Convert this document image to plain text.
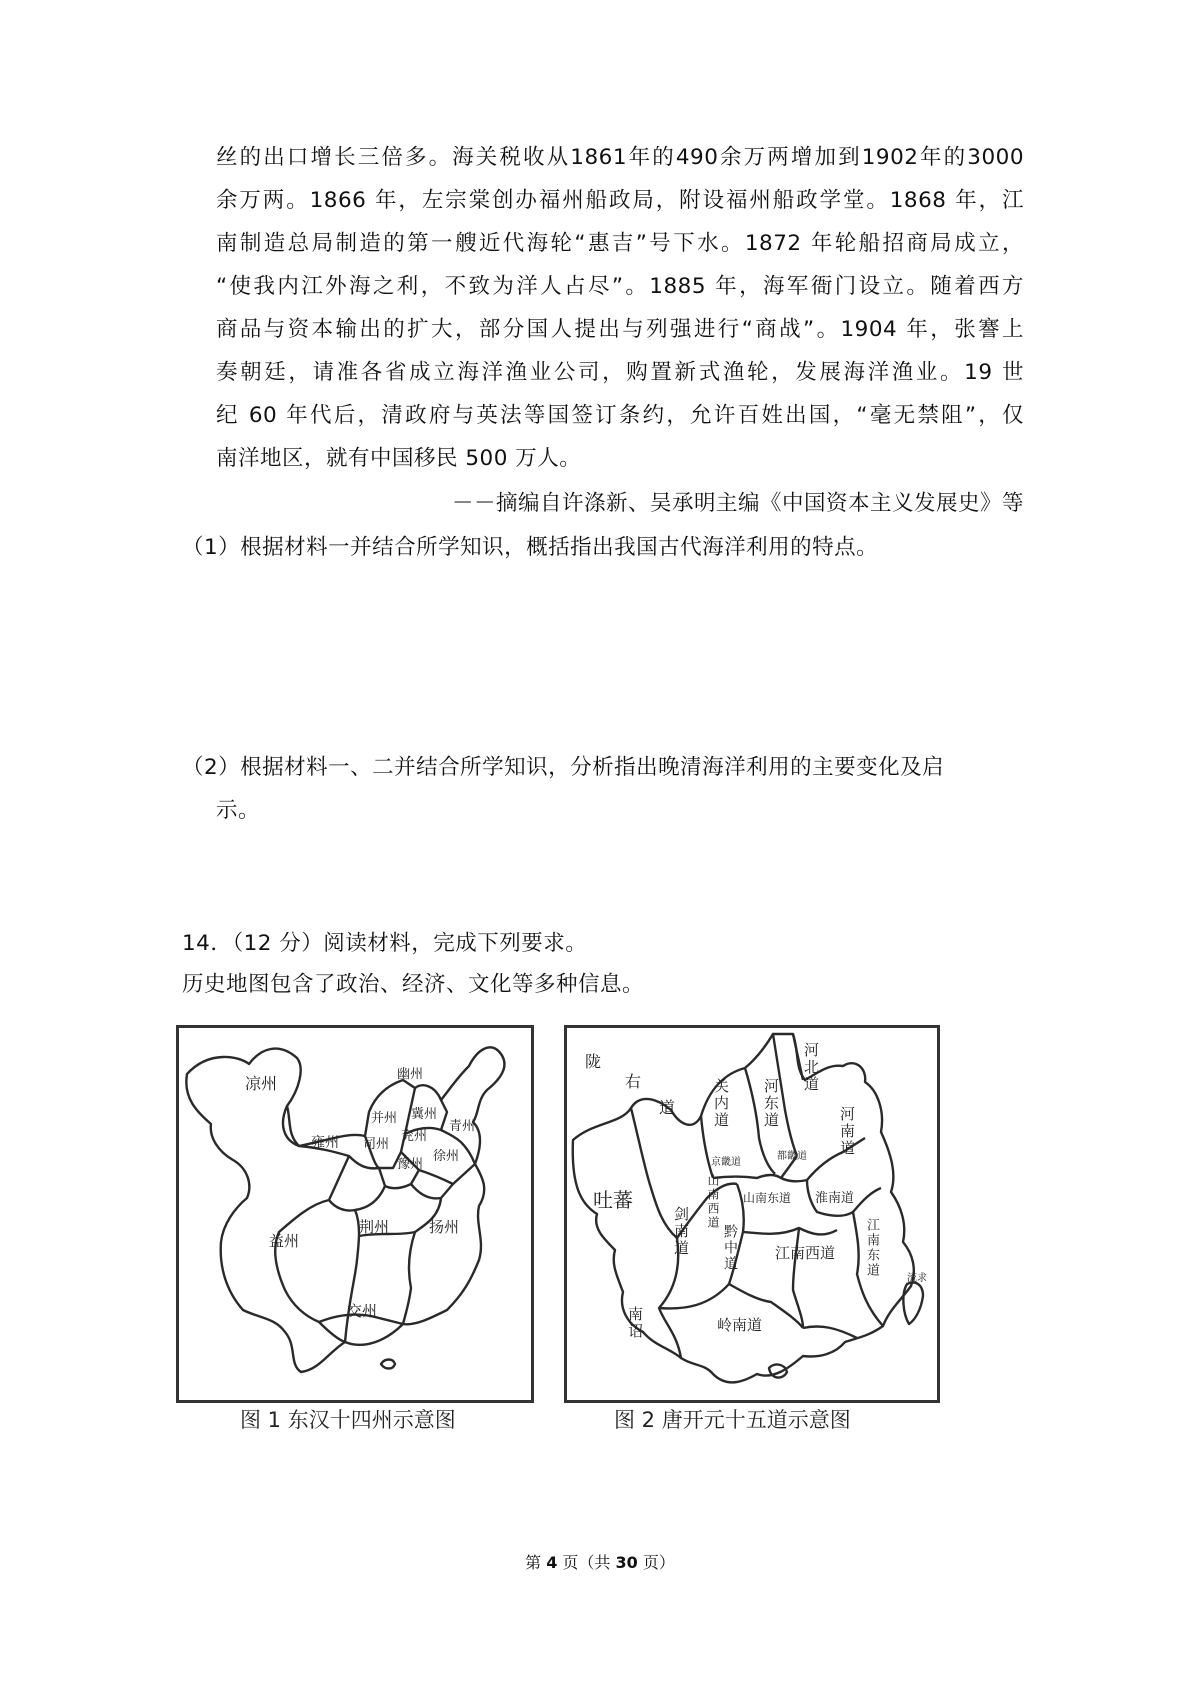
丝的出口增长三倍多。海关税收从1861年的490余万两增加到1902年的3000
余万两。1866 年，左宗棠创办福州船政局，附设福州船政学堂。1868 年，江
南制造总局制造的第一艘近代海轮“惠吉”号下水。1872 年轮船招商局成立，
“使我内江外海之利，不致为洋人占尽”。1885 年，海军衙门设立。随着西方
商品与资本输出的扩大，部分国人提出与列强进行“商战”。1904 年，张謇上
奏朝廷，请准各省成立海洋渔业公司，购置新式渔轮，发展海洋渔业。19 世
纪 60 年代后，清政府与英法等国签订条约，允许百姓出国，“毫无禁阻”，仅
南洋地区，就有中国移民 500 万人。
－－摘编自许涤新、吴承明主编《中国资本主义发展史》等
（1）根据材料一并结合所学知识，概括指出我国古代海洋利用的特点。
（2）根据材料一、二并结合所学知识，分析指出晚清海洋利用的主要变化及启
示。
14．（12 分）阅读材料，完成下列要求。
历史地图包含了政治、经济、文化等多种信息。
凉州	幽州
并州 冀州
青州
雍州 司州
兖州
豫州
徐州
益州
荆州	扬州
交州
图 1 东汉十四州示意图
陇
右
道 关内道 河东道
河北道
河南道
京畿道
都畿道
吐蕃	山南西道 山南东道 淮南道
剑南道 黔中道 江南西道 江南东道
南诏	岭南道
流求
图 2 唐开元十五道示意图
第 4 页（共 30 页）
